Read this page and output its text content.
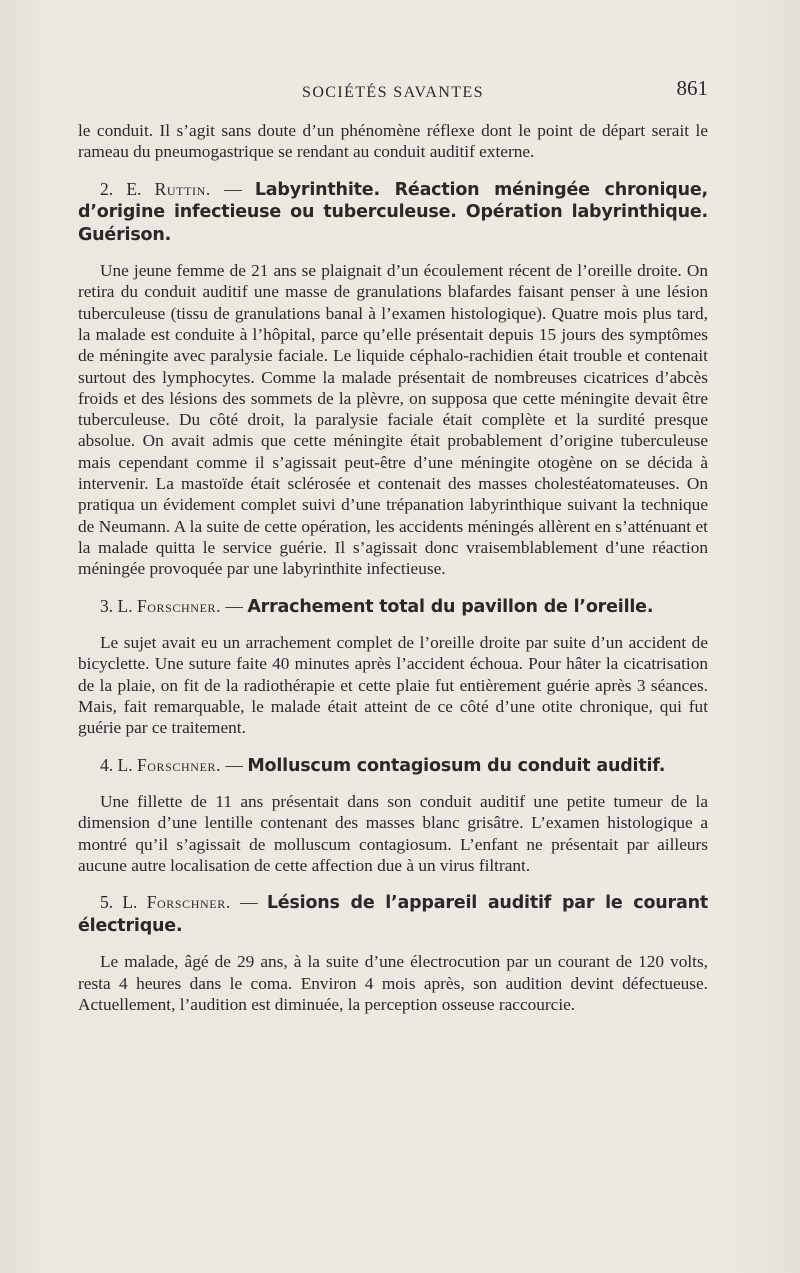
SOCIÉTÉS SAVANTES	861

le conduit. Il s’agit sans doute d’un phénomène réflexe dont le point de départ serait le rameau du pneumogastrique se rendant au conduit auditif externe.

2. E. Ruttin. — Labyrinthite. Réaction méningée chronique, d’origine infectieuse ou tuberculeuse. Opération labyrinthique. Guérison.

Une jeune femme de 21 ans se plaignait d’un écoulement récent de l’oreille droite. On retira du conduit auditif une masse de granulations blafardes faisant penser à une lésion tuberculeuse (tissu de granulations banal à l’examen histologique). Quatre mois plus tard, la malade est conduite à l’hôpital, parce qu’elle présentait depuis 15 jours des symptômes de méningite avec paralysie faciale. Le liquide céphalo-rachidien était trouble et contenait surtout des lymphocytes. Comme la malade présentait de nombreuses cicatrices d’abcès froids et des lésions des sommets de la plèvre, on supposa que cette méningite devait être tuberculeuse. Du côté droit, la paralysie faciale était complète et la surdité presque absolue. On avait admis que cette méningite était probablement d’origine tuberculeuse mais cependant comme il s’agissait peut-être d’une méningite otogène on se décida à intervenir. La mastoïde était sclérosée et contenait des masses cholestéatomateuses. On pratiqua un évidement complet suivi d’une trépanation labyrinthique suivant la technique de Neumann. A la suite de cette opération, les accidents méningés allèrent en s’atténuant et la malade quitta le service guérie. Il s’agissait donc vraisemblablement d’une réaction méningée provoquée par une labyrinthite infectieuse.

3. L. Forschner. — Arrachement total du pavillon de l’oreille.

Le sujet avait eu un arrachement complet de l’oreille droite par suite d’un accident de bicyclette. Une suture faite 40 minutes après l’accident échoua. Pour hâter la cicatrisation de la plaie, on fit de la radiothérapie et cette plaie fut entièrement guérie après 3 séances. Mais, fait remarquable, le malade était atteint de ce côté d’une otite chronique, qui fut guérie par ce traitement.

4. L. Forschner. — Molluscum contagiosum du conduit auditif.

Une fillette de 11 ans présentait dans son conduit auditif une petite tumeur de la dimension d’une lentille contenant des masses blanc grisâtre. L’examen histologique a montré qu’il s’agissait de molluscum contagiosum. L’enfant ne présentait par ailleurs aucune autre localisation de cette affection due à un virus filtrant.

5. L. Forschner. — Lésions de l’appareil auditif par le courant électrique.

Le malade, âgé de 29 ans, à la suite d’une électrocution par un courant de 120 volts, resta 4 heures dans le coma. Environ 4 mois après, son audition devint défectueuse. Actuellement, l’audition est diminuée, la perception osseuse raccourcie.
